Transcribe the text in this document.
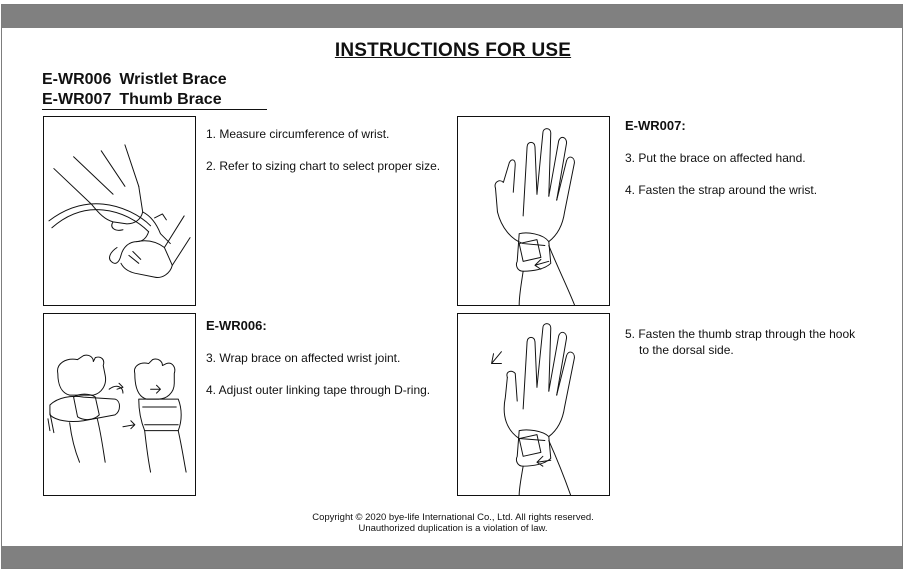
INSTRUCTIONS FOR USE
E-WR006 Wristlet Brace
E-WR007 Thumb Brace
1. Measure circumference of wrist.
2. Refer to sizing chart to select proper size.
E-WR006:
3. Wrap brace on affected wrist joint.
4. Adjust outer linking tape through D-ring.
E-WR007:
3. Put the brace on affected hand.
4. Fasten the strap around the wrist.
5. Fasten the thumb strap through the hook
to the dorsal side.
Copyright © 2020 bye-life International Co., Ltd. All rights reserved.
Unauthorized duplication is a violation of law.
